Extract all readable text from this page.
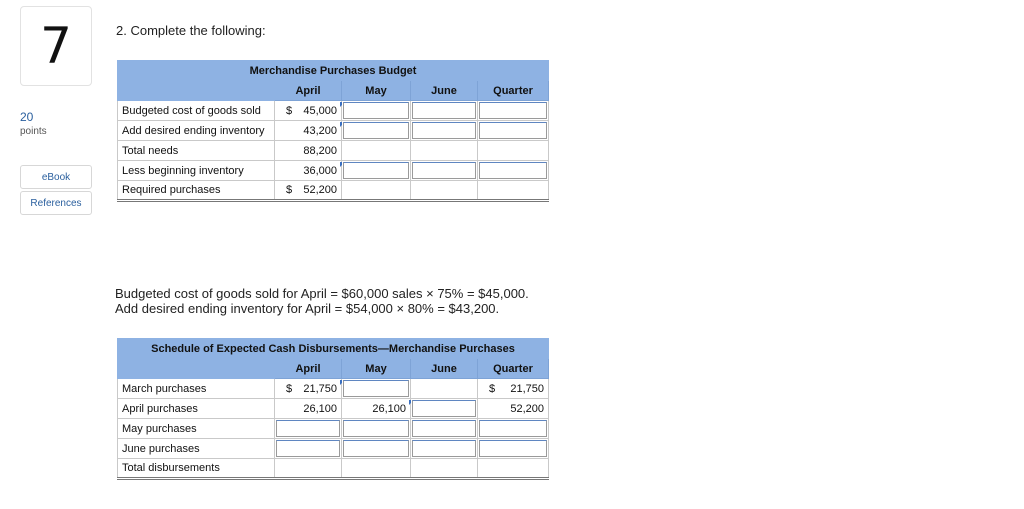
7
20
points
eBook
References
2. Complete the following:
Merchandise Purchases Budget				
	April	May	June	Quarter
Budgeted cost of goods sold	$ 45,000

Add desired ending inventory	43,200

Total needs	88,200			
Less beginning inventory	36,000

Required purchases	$ 52,200			
Budgeted cost of goods sold for April = $60,000 sales × 75% = $45,000.
Add desired ending inventory for April = $54,000 × 80% = $43,200.
Schedule of Expected Cash Disbursements—Merchandise Purchases				
	April	May	June	Quarter
March purchases	$ 21,750			$ 21,750
April purchases	26,100	26,100		52,200
May purchases				
June purchases				
Total disbursements				
